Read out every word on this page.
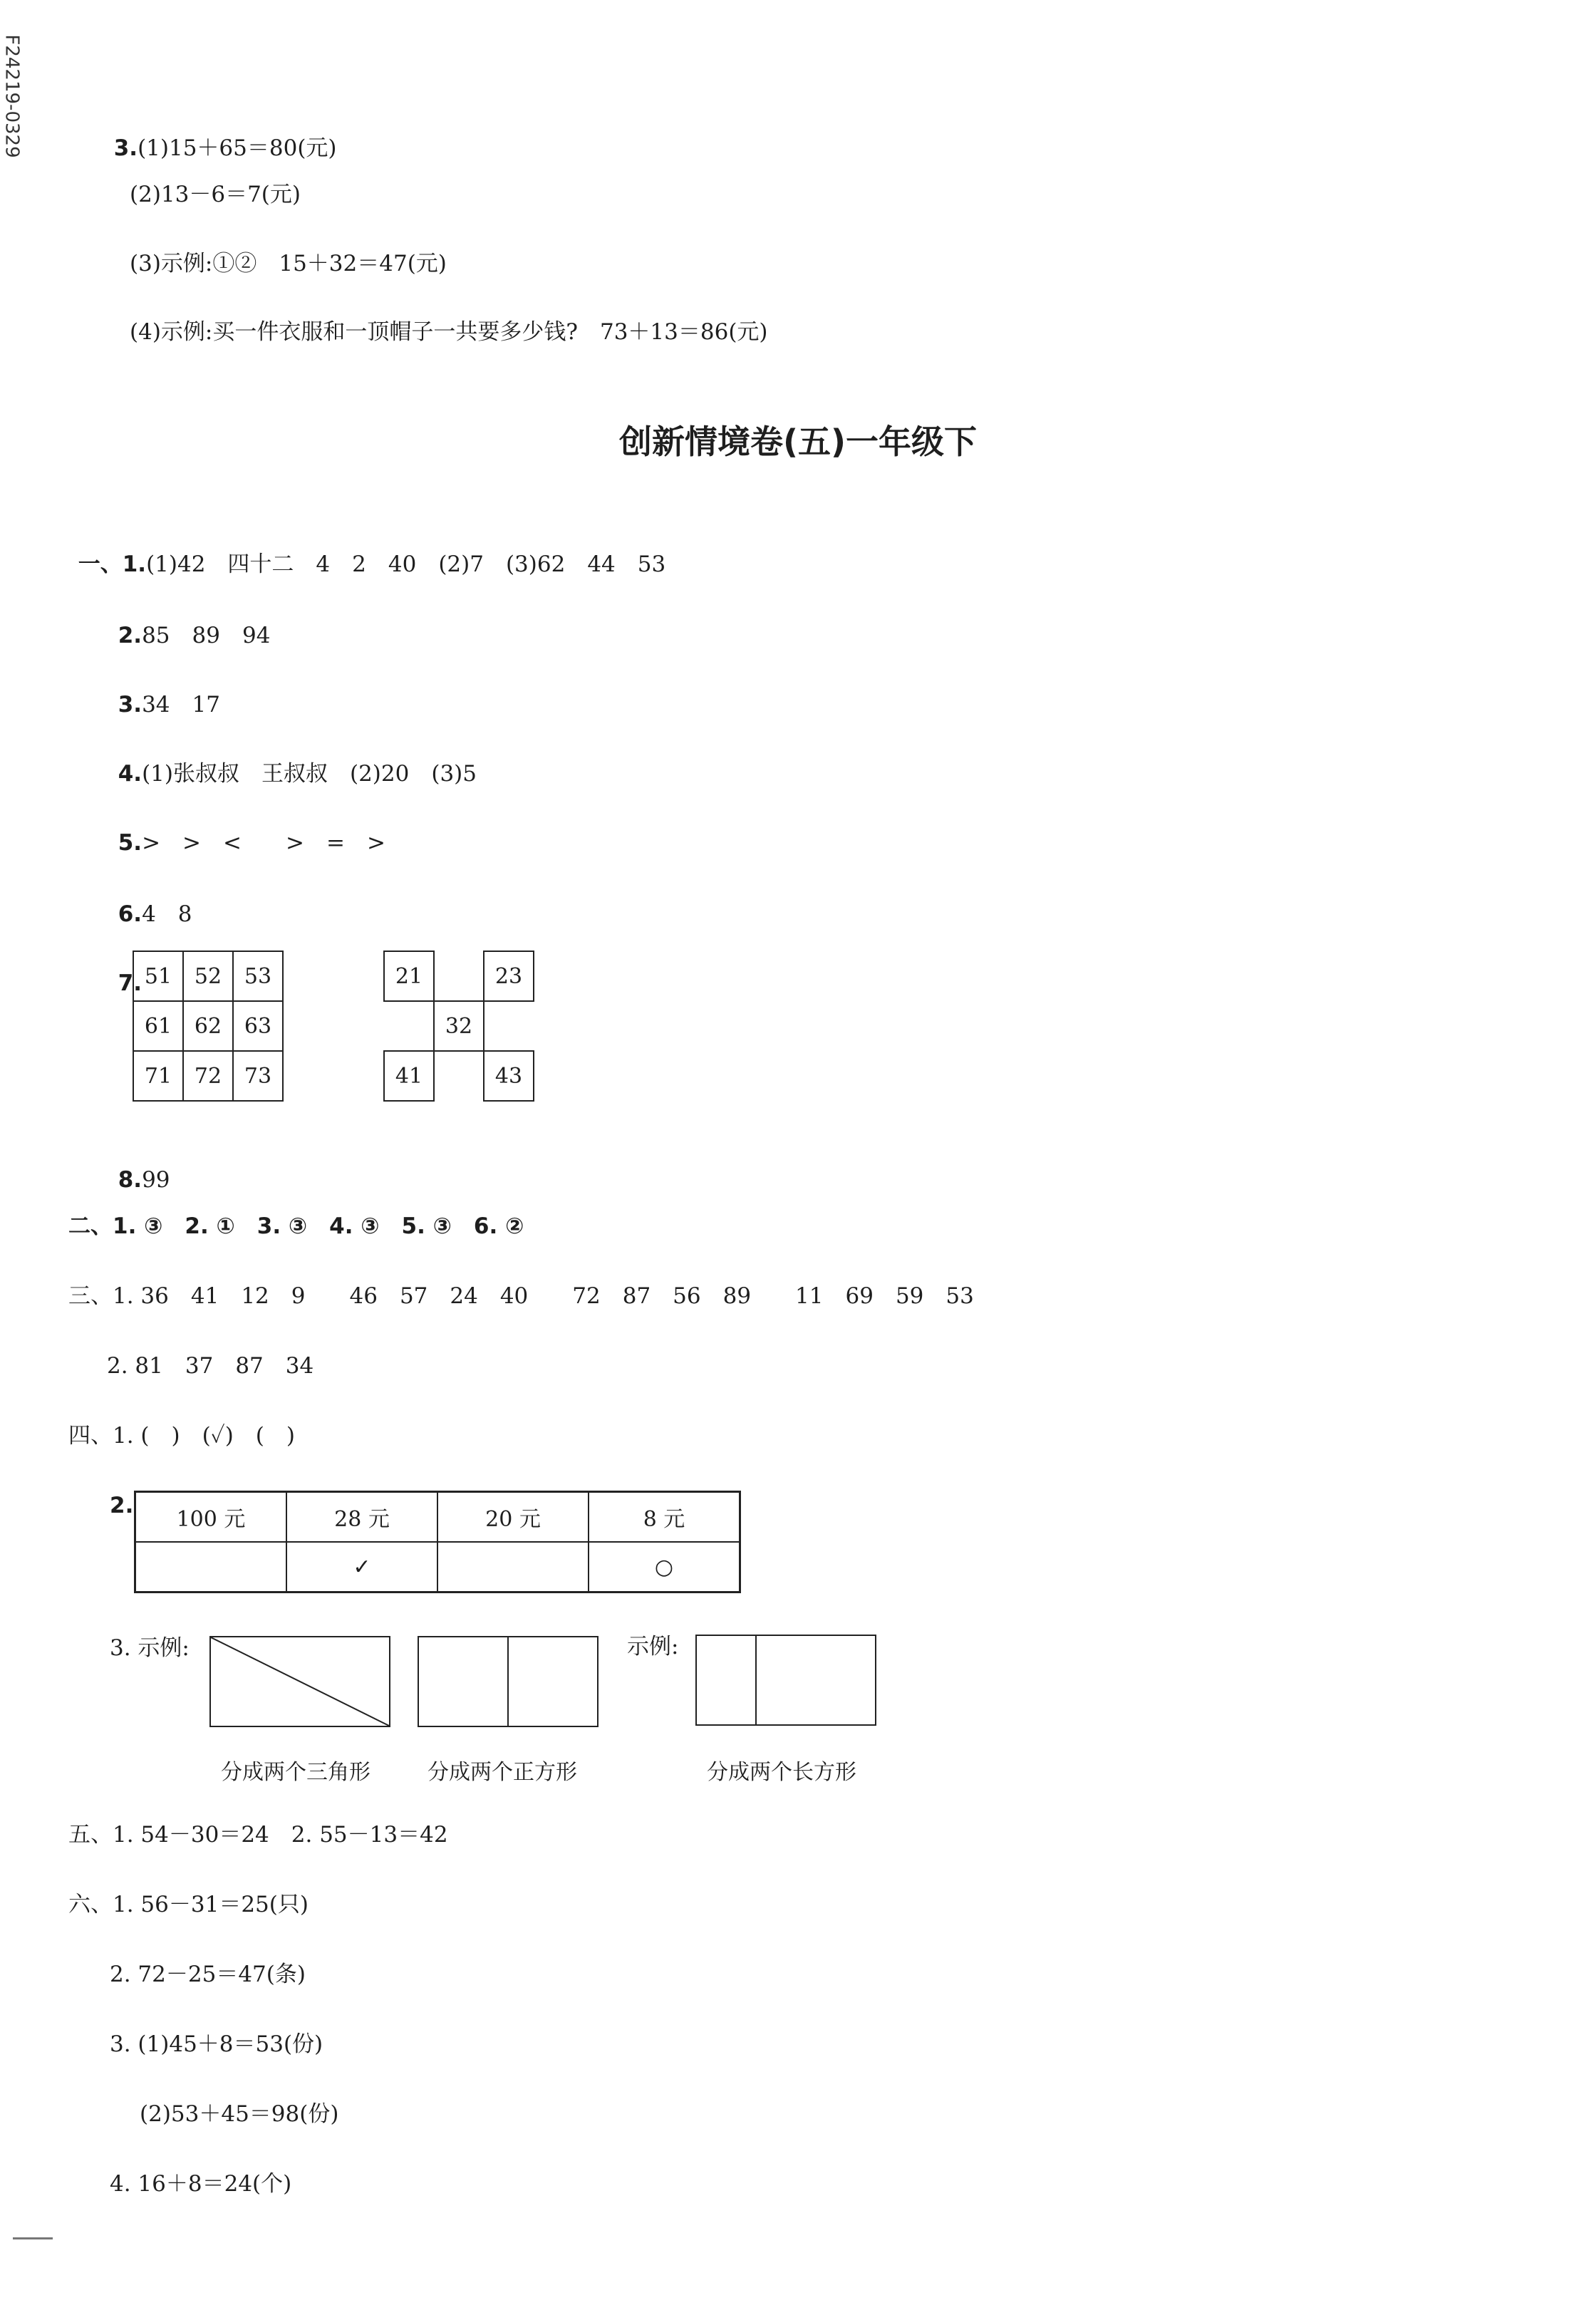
F24219-0329	3.(1)15＋65＝80(元)

(2)13－6＝7(元)
(3)示例:①②　15＋32＝47(元)
(4)示例:买一件衣服和一顶帽子一共要多少钱?　73＋13＝86(元)
创新情境卷(五)一年级下

一、1.(1)42　四十二　4　2　40　(2)7　(3)62　44　53

2.85　89　94

3.34　17

4.(1)张叔叔　王叔叔　(2)20　(3)5

5.>　>　<　　>　=　>

6.4　8

7. 51	52	53
61	62	63
71	72	73
21		23
	32	
41		43

8.99

二、1. ③　2. ①　3. ③　4. ③　5. ③　6. ②
三、1. 36　41　12　9　　46　57　24　40　　72　87　56　89　　11　69　59　53
2. 81　37　87　34
四、1. (　)　(✓)　(　)
2.
100 元	28 元	20 元	8 元
	✓		○
3. 示例:	示例:
分成两个三角形	分成两个正方形	分成两个长方形
五、1. 54－30＝24　2. 55－13＝42
六、1. 56－31＝25(只)
2. 72－25＝47(条)
3. (1)45＋8＝53(份)
(2)53＋45＝98(份)
4. 16＋8＝24(个)
